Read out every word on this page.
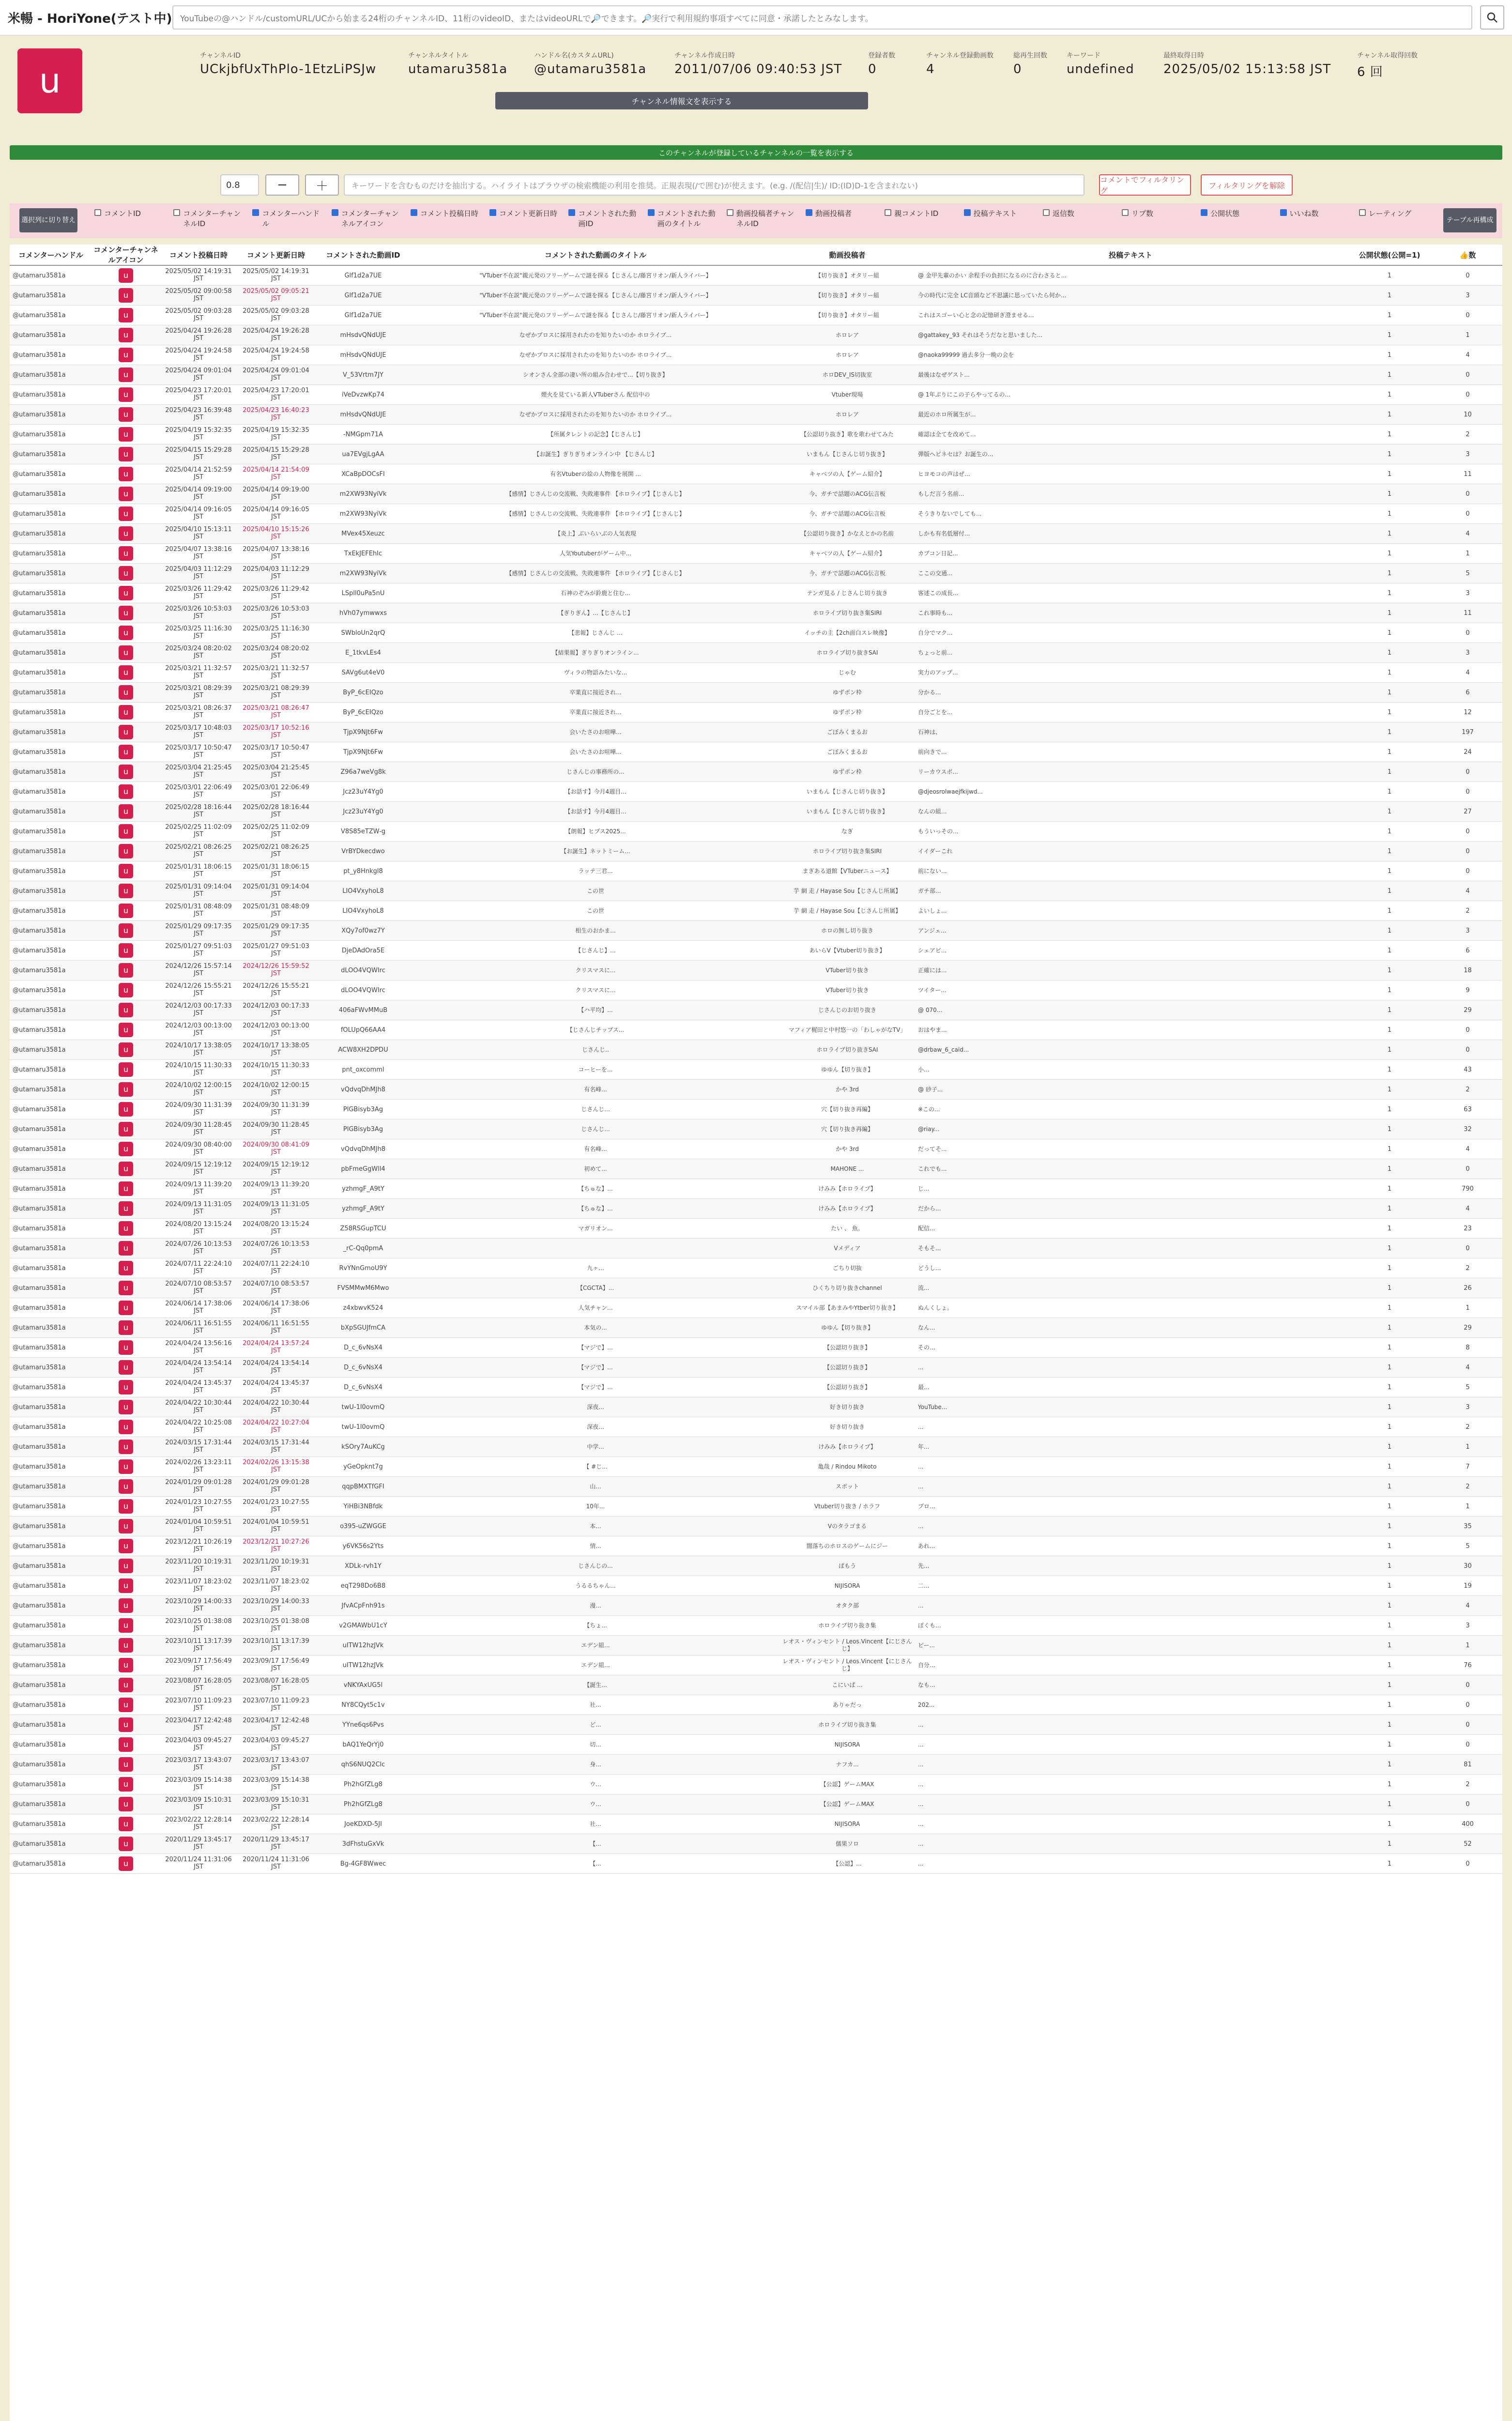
米暢 - HoriYone(テスト中) YouTubeの@ハンドル/customURL/UCから始まる24桁のチャンネルID、11桁のvideoID、またはvideoURLで🔎できます。🔎実行で利用規約事項すべてに同意・承諾したとみなします。
u
チャンネルID
UCkjbfUxThPlo-1EtzLiPSJw
チャンネルタイトル
utamaru3581a
ハンドル名(カスタムURL)
@utamaru3581a
チャンネル作成日時
2011/07/06 09:40:53 JST
登録者数
0
チャンネル登録動画数
4
総再生回数
0
キーワード
undefined
最終取得日時
2025/05/02 15:13:58 JST
チャンネル取得回数
6 回
チャンネル情報文を表示する
このチャンネルが登録しているチャンネルの一覧を表示する
0.8	−	＋	キーワードを含むものだけを抽出する。ハイライトはブラウザの検索機能の利用を推奨。正規表現(/で囲む)が使えます。(e.g. /(配信|生)/ ID:(ID)D-1を含まれない)
コメントでフィルタリング
フィルタリングを解除
選択列に切り替え	テーブル再構成
コメントID	コメンターチャンネルID
コメンターハンドル
コメンターチャンネルアイコン
コメント投稿日時	コメント更新日時	コメントされた動画ID
コメントされた動画のタイトル
動画投稿者チャンネルID
動画投稿者	親コメントID	投稿テキスト	返信数	リプ数	公開状態	いいね数	レーティング
コメンターハンドル	コメンターチャンネルアイコン	コメント投稿日時	コメント更新日時	コメントされた動画ID	コメントされた動画のタイトル	動画投稿者	投稿テキスト	公開状態(公開=1)	👍数
@utamaru3581a	u	2025/05/02 14:19:31 JST	2025/05/02 14:19:31 JST	Glf1d2a7UE	"VTuber不在説"親元発のフリーゲームで謎を探る【じさんじ/藤宮リオン/新人ライバー】	【切り抜き】オタリー組	@ 金甲先輩のかい 余程手の負担になるのに合わさると...	1	0
@utamaru3581a	u	2025/05/02 09:00:58 JST	2025/05/02 09:05:21 JST	Glf1d2a7UE	"VTuber不在説"親元発のフリーゲームで謎を探る【じさんじ/藤宮リオン/新人ライバー】	【切り抜き】オタリー組	今の時代に完全 LC音頭など不思議に思っていたら何か...	1	3
@utamaru3581a	u	2025/05/02 09:03:28 JST	2025/05/02 09:03:28 JST	Glf1d2a7UE	"VTuber不在説"親元発のフリーゲームで謎を探る【じさんじ/藤宮リオン/新人ライバー】	【切り抜き】オタリー組	これはスゴーい心と念の記憶研ぎ澄ませる...	1	0
@utamaru3581a	u	2025/04/24 19:26:28 JST	2025/04/24 19:26:28 JST	mHsdvQNdUJE	なぜかプロスに採用されたのを知りたいのか ホロライブ...	ホロレア	@gattakey_93 それはそうだなと思いました...	1	1
@utamaru3581a	u	2025/04/24 19:24:58 JST	2025/04/24 19:24:58 JST	mHsdvQNdUJE	なぜかプロスに採用されたのを知りたいのか ホロライブ...	ホロレア	@naoka99999 過去多分一晩の会を	1	4
@utamaru3581a	u	2025/04/24 09:01:04 JST	2025/04/24 09:01:04 JST	V_53Vrtm7JY	シオンさん全部の凄い所の組み合わせで...【切り抜き】	ホロDEV_IS切抜室	最後はなぜゲスト...	1	0
@utamaru3581a	u	2025/04/23 17:20:01 JST	2025/04/23 17:20:01 JST	iVeDvzwKp74	煙火を見ている新人VTuberさん 配信中の	Vtuber現場	@ 1年ぶりにこの子らやってるの...	1	0
@utamaru3581a	u	2025/04/23 16:39:48 JST	2025/04/23 16:40:23 JST	mHsdvQNdUJE	なぜかプロスに採用されたのを知りたいのか ホロライブ...	ホロレア	最近のホロ所属生が...	1	10
@utamaru3581a	u	2025/04/19 15:32:35 JST	2025/04/19 15:32:35 JST	-NMGpm71A	【所属タレントの記念】【じさんじ】	【公認切り抜き】歌を歌わせてみた	確認は全てを改めて...	1	2
@utamaru3581a	u	2025/04/15 15:29:28 JST	2025/04/15 15:29:28 JST	ua7EVgjLgAA	【お誕生】ぎりぎりオンライン中 【じさんじ】	いまもん【じさんじ切り抜き】	弾版ヘビネセは？お誕生の...	1	3
@utamaru3581a	u	2025/04/14 21:52:59 JST	2025/04/14 21:54:09 JST	XCaBpDOCsFI	有名Vtuberの絵の人物像を展開 ...	キャベツの人【ゲーム紹介】	ヒヨモコの声はぜ...	1	11
@utamaru3581a	u	2025/04/14 09:19:00 JST	2025/04/14 09:19:00 JST	m2XW93NyiVk	【感情】じさんじの交流戦、失敗連事件 【ホロライブ】【じさんじ】	今、ガチで話題のACG伝言板	もしだ言う名前...	1	0
@utamaru3581a	u	2025/04/14 09:16:05 JST	2025/04/14 09:16:05 JST	m2XW93NyiVk	【感情】じさんじの交流戦、失敗連事件 【ホロライブ】【じさんじ】	今、ガチで話題のACG伝言板	そうきりないでしても...	1	0
@utamaru3581a	u	2025/04/10 15:13:11 JST	2025/04/10 15:15:26 JST	MVex45Xeuzc	【炎上】ぶいらいぶの人気表現	【公認切り抜き】かなえとかの名前	しかも有名低層付...	1	4
@utamaru3581a	u	2025/04/07 13:38:16 JST	2025/04/07 13:38:16 JST	TxEkJEFEhIc	人気Youtuberがゲーム中...	キャベツの人【ゲーム紹介】	カプコン日記...	1	1
@utamaru3581a	u	2025/04/03 11:12:29 JST	2025/04/03 11:12:29 JST	m2XW93NyiVk	【感情】じさんじの交流戦、失敗連事件 【ホロライブ】【じさんじ】	今、ガチで話題のACG伝言板	ここの交通...	1	5
@utamaru3581a	u	2025/03/26 11:29:42 JST	2025/03/26 11:29:42 JST	LSpll0uPa5nU	石神のぞみが鈴鹿と住む...	テンガ見る / じさんじ切り抜き	客述この成長...	1	3
@utamaru3581a	u	2025/03/26 10:53:03 JST	2025/03/26 10:53:03 JST	hVh07ymwwxs	【ぎりぎん】...【じさんじ】	ホロライブ切り抜き集SIRI	これ事時も...	1	11
@utamaru3581a	u	2025/03/25 11:16:30 JST	2025/03/25 11:16:30 JST	SWbloUn2qrQ	【悲報】じさんじ ...	イッチの主【2ch面白スレ映像】	自分でマク...	1	0
@utamaru3581a	u	2025/03/24 08:20:02 JST	2025/03/24 08:20:02 JST	E_1tkvLEs4	【結果報】ぎりぎりオンライン...	ホロライブ切り抜きSAI	ちょっと前...	1	3
@utamaru3581a	u	2025/03/21 11:32:57 JST	2025/03/21 11:32:57 JST	SAVg6ut4eV0	ヴィラの物語みたいな...	じゃむ	実力のアップ...	1	4
@utamaru3581a	u	2025/03/21 08:29:39 JST	2025/03/21 08:29:39 JST	ByP_6cEIQzo	卒業直に接近され...	ゆずポン枠	分かる...	1	6
@utamaru3581a	u	2025/03/21 08:26:37 JST	2025/03/21 08:26:47 JST	ByP_6cEIQzo	卒業直に接近され...	ゆずポン枠	自分ごとを...	1	12
@utamaru3581a	u	2025/03/17 10:48:03 JST	2025/03/17 10:52:16 JST	TjpX9NJt6Fw	会いたさのお喧嘩...	ごぼみくまるお	石神は、	1	197
@utamaru3581a	u	2025/03/17 10:50:47 JST	2025/03/17 10:50:47 JST	TjpX9NJt6Fw	会いたさのお喧嘩...	ごぼみくまるお	前向きで...	1	24
@utamaru3581a	u	2025/03/04 21:25:45 JST	2025/03/04 21:25:45 JST	Z96a7weVg8k	じさんじの事務所の...	ゆずポン枠	リーカウスポ...	1	0
@utamaru3581a	u	2025/03/01 22:06:49 JST	2025/03/01 22:06:49 JST	Jcz23uY4Yg0	【お話す】今月4週目...	いまもん【じさんじ切り抜き】	@djeosrolwaejfkijwd...	1	0
@utamaru3581a	u	2025/02/28 18:16:44 JST	2025/02/28 18:16:44 JST	Jcz23uY4Yg0	【お話す】今月4週目...	いまもん【じさんじ切り抜き】	なんの組...	1	27
@utamaru3581a	u	2025/02/25 11:02:09 JST	2025/02/25 11:02:09 JST	V8S85eTZW-g	【朗報】ヒプス2025...	なぎ	もういっその...	1	0
@utamaru3581a	u	2025/02/21 08:26:25 JST	2025/02/21 08:26:25 JST	VrBYDkecdwo	【お誕生】ネットミーム...	ホロライブ切り抜き集SIRI	イイダーこれ	1	0
@utamaru3581a	u	2025/01/31 18:06:15 JST	2025/01/31 18:06:15 JST	pt_y8Hnkgl8	ラッテ三君...	まぎある道館【VTuberニュース】	前にない...	1	0
@utamaru3581a	u	2025/01/31 09:14:04 JST	2025/01/31 09:14:04 JST	LIO4VxyhoL8	この世	芋 網 走 / Hayase Sou【じさんじ所属】	ガチ部...	1	4
@utamaru3581a	u	2025/01/31 08:48:09 JST	2025/01/31 08:48:09 JST	LIO4VxyhoL8	この世	芋 網 走 / Hayase Sou【じさんじ所属】	よいしょ...	1	2
@utamaru3581a	u	2025/01/29 09:17:35 JST	2025/01/29 09:17:35 JST	XQy7of0wz7Y	相生のおかま...	ホロの無し切り抜き	アンジェ...	1	3
@utamaru3581a	u	2025/01/27 09:51:03 JST	2025/01/27 09:51:03 JST	DjeDAdOra5E	【じさんじ】...	あいらV【Vtuber切り抜き】	シェアビ...	1	6
@utamaru3581a	u	2024/12/26 15:57:14 JST	2024/12/26 15:59:52 JST	dLOO4VQWIrc	クリスマスに...	VTuber切り抜き	正確には...	1	18
@utamaru3581a	u	2024/12/26 15:55:21 JST	2024/12/26 15:55:21 JST	dLOO4VQWIrc	クリスマスに...	VTuber切り抜き	ツイター...	1	9
@utamaru3581a	u	2024/12/03 00:17:33 JST	2024/12/03 00:17:33 JST	406aFWvMMuB	【ハ平均】...	じさんじのお切り抜き	@ 070...	1	29
@utamaru3581a	u	2024/12/03 00:13:00 JST	2024/12/03 00:13:00 JST	fOLUpQ66AA4	【じさんじチップス...	マフィア梶田と中村悠一の「わしゃがなTV」	おはやま...	1	0
@utamaru3581a	u	2024/10/17 13:38:05 JST	2024/10/17 13:38:05 JST	ACW8XH2DPDU	じさんじ..	ホロライブ切り抜きSAI	@drbaw_6_caid...	1	0
@utamaru3581a	u	2024/10/15 11:30:33 JST	2024/10/15 11:30:33 JST	pnt_oxcomml	コーヒーを...	ゆゆん【切り抜き】	小...	1	43
@utamaru3581a	u	2024/10/02 12:00:15 JST	2024/10/02 12:00:15 JST	vQdvqDhMJh8	有名峰...	かや 3rd	@ 砂子...	1	2
@utamaru3581a	u	2024/09/30 11:31:39 JST	2024/09/30 11:31:39 JST	PlGBisyb3Ag	じさんじ...	穴【切り抜き再編】	※この...	1	63
@utamaru3581a	u	2024/09/30 11:28:45 JST	2024/09/30 11:28:45 JST	PlGBisyb3Ag	じさんじ...	穴【切り抜き再編】	@riay...	1	32
@utamaru3581a	u	2024/09/30 08:40:00 JST	2024/09/30 08:41:09 JST	vQdvqDhMJh8	有名峰...	かや 3rd	だってそ...	1	4
@utamaru3581a	u	2024/09/15 12:19:12 JST	2024/09/15 12:19:12 JST	pbFmeGgWll4	初めて...	MAHONE ...	これでも...	1	0
@utamaru3581a	u	2024/09/13 11:39:20 JST	2024/09/13 11:39:20 JST	yzhmgF_A9tY	【ちゅな】...	けみみ【ホロライブ】	じ...	1	790
@utamaru3581a	u	2024/09/13 11:31:05 JST	2024/09/13 11:31:05 JST	yzhmgF_A9tY	【ちゅな】...	けみみ【ホロライブ】	だから...	1	4
@utamaru3581a	u	2024/08/20 13:15:24 JST	2024/08/20 13:15:24 JST	Z58RSGupTCU	マガリオン...	たい 、 魚。	配信...	1	23
@utamaru3581a	u	2024/07/26 10:13:53 JST	2024/07/26 10:13:53 JST	_rC-Qq0pmA		Vメディア	そもそ...	1	0
@utamaru3581a	u	2024/07/11 22:24:10 JST	2024/07/11 22:24:10 JST	RvYNnGmoU9Y	九ヶ...	ごちり切抜	どうし...	1	2
@utamaru3581a	u	2024/07/10 08:53:57 JST	2024/07/10 08:53:57 JST	FVSMMwM6Mwo	【CGCTA】...	ひくちり切り抜きchannel	流...	1	26
@utamaru3581a	u	2024/06/14 17:38:06 JST	2024/06/14 17:38:06 JST	z4xbwvK524	人気チャン...	スマイル部【あまみやYtber切り抜き】	ぬんくしょ。	1	1
@utamaru3581a	u	2024/06/11 16:51:55 JST	2024/06/11 16:51:55 JST	bXpSGUJfmCA	本気の...	ゆゆん【切り抜き】	なん...	1	29
@utamaru3581a	u	2024/04/24 13:56:16 JST	2024/04/24 13:57:24 JST	D_c_6vNsX4	【マジで】...	【公認切り抜き】	その...	1	8
@utamaru3581a	u	2024/04/24 13:54:14 JST	2024/04/24 13:54:14 JST	D_c_6vNsX4	【マジで】...	【公認切り抜き】	...	1	4
@utamaru3581a	u	2024/04/24 13:45:37 JST	2024/04/24 13:45:37 JST	D_c_6vNsX4	【マジで】...	【公認切り抜き】	最...	1	5
@utamaru3581a	u	2024/04/22 10:30:44 JST	2024/04/22 10:30:44 JST	twU-1l0ovmQ	深夜...	好き切り抜き	YouTube...	1	3
@utamaru3581a	u	2024/04/22 10:25:08 JST	2024/04/22 10:27:04 JST	twU-1l0ovmQ	深夜...	好き切り抜き	...	1	2
@utamaru3581a	u	2024/03/15 17:31:44 JST	2024/03/15 17:31:44 JST	kSOry7AuKCg	中学...	けみみ【ホロライブ】	年...	1	1
@utamaru3581a	u	2024/02/26 13:23:11 JST	2024/02/26 13:15:38 JST	yGeOpknt7g	【 #じ...	亀哉 / Rindou Mikoto	...	1	7
@utamaru3581a	u	2024/01/29 09:01:28 JST	2024/01/29 09:01:28 JST	qqpBMXTfGFI	山...	スポット	...	1	2
@utamaru3581a	u	2024/01/23 10:27:55 JST	2024/01/23 10:27:55 JST	YiHBi3NBfdk	10年...	Vtuber切り抜き / ホラフ	プロ...	1	1
@utamaru3581a	u	2024/01/04 10:59:51 JST	2024/01/04 10:59:51 JST	o395-uZWGGE	本...	Vのタラゴまる	...	1	35
@utamaru3581a	u	2023/12/21 10:26:19 JST	2023/12/21 10:27:26 JST	y6VK56s2Yts	情...	闇落ちのホロスのゲームにジー	あれ...	1	5
@utamaru3581a	u	2023/11/20 10:19:31 JST	2023/11/20 10:19:31 JST	XDLk-rvh1Y	じさんじの...	ぱもう	先...	1	30
@utamaru3581a	u	2023/11/07 18:23:02 JST	2023/11/07 18:23:02 JST	eqT298Do6B8	うるるちゃん...	NIJISORA	二...	1	19
@utamaru3581a	u	2023/10/29 14:00:33 JST	2023/10/29 14:00:33 JST	JfvACpFnh91s	漫...	オタク部	...	1	4
@utamaru3581a	u	2023/10/25 01:38:08 JST	2023/10/25 01:38:08 JST	v2GMAWbU1cY	【ちょ...	ホロライブ切り抜き集	ぼくも...	1	3
@utamaru3581a	u	2023/10/11 13:17:39 JST	2023/10/11 13:17:39 JST	uITW12hzJVk	エデン組...	レオス・ヴィンセント / Leos.Vincent【にじさんじ】	ピー...	1	1
@utamaru3581a	u	2023/09/17 17:56:49 JST	2023/09/17 17:56:49 JST	uITW12hzJVk	エデン組...	レオス・ヴィンセント / Leos.Vincent【にじさんじ】	自分...	1	76
@utamaru3581a	u	2023/08/07 16:28:05 JST	2023/08/07 16:28:05 JST	vNKYAxUG5l	【誕生...	こにいぱ ...	なも...	1	0
@utamaru3581a	u	2023/07/10 11:09:23 JST	2023/07/10 11:09:23 JST	NY8CQyt5c1v	社...	ありゃだっ	202...	1	0
@utamaru3581a	u	2023/04/17 12:42:48 JST	2023/04/17 12:42:48 JST	YYne6qs6Pvs	ど...	ホロライブ切り抜き集	...	1	0
@utamaru3581a	u	2023/04/03 09:45:27 JST	2023/04/03 09:45:27 JST	bAQ1YeQrYj0	切...	NIJISORA	...	1	0
@utamaru3581a	u	2023/03/17 13:43:07 JST	2023/03/17 13:43:07 JST	qhS6NUQ2Clc	身...	ナフカ...	...	1	81
@utamaru3581a	u	2023/03/09 15:14:38 JST	2023/03/09 15:14:38 JST	Ph2hGfZLg8	ウ...	【公認】ゲームMAX	...	1	2
@utamaru3581a	u	2023/03/09 15:10:31 JST	2023/03/09 15:10:31 JST	Ph2hGfZLg8	ウ...	【公認】ゲームMAX	...	1	0
@utamaru3581a	u	2023/02/22 12:28:14 JST	2023/02/22 12:28:14 JST	JoeKDXD-5JI	社...	NIJISORA	...	1	400
@utamaru3581a	u	2020/11/29 13:45:17 JST	2020/11/29 13:45:17 JST	3dFhstuGxVk	【...	儒果ソロ	...	1	52
@utamaru3581a	u	2020/11/24 11:31:06 JST	2020/11/24 11:31:06 JST	Bg-4GF8Wwec	【...	【公認】...	...	1	0
